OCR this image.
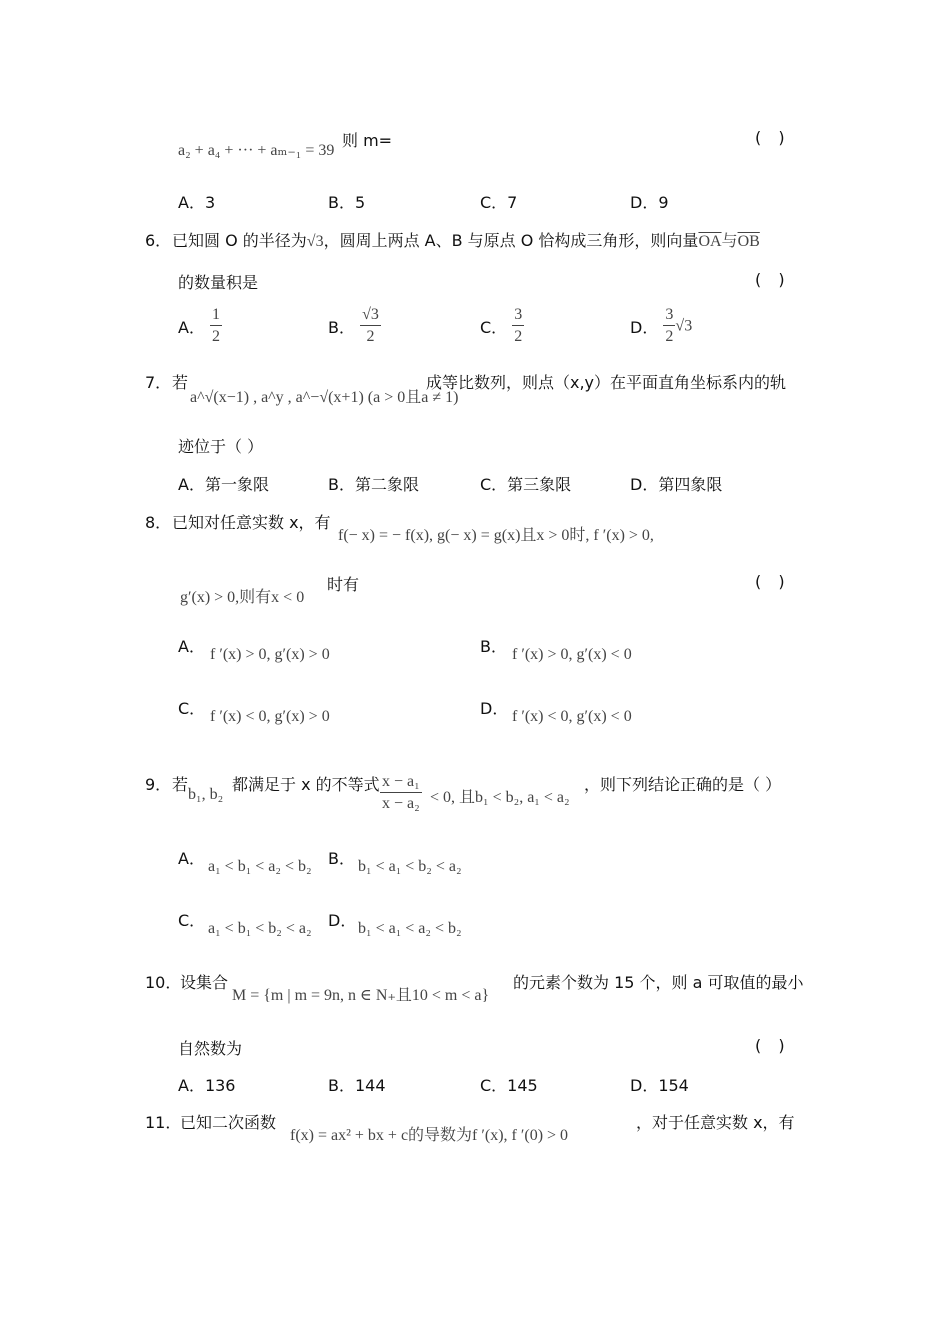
a₂ + a₄ + ··· + aₘ₋₁ = 39
则 m=	( )
A．3	B．5	C．7	D．9
6． 已知圆 O 的半径为√3，圆周上两点 A、B 与原点 O 恰构成三角形，则向量$\overline{OA}$与$\overline{OB}$
的数量积是	( )
A． $\frac{1}{2}$	B． $\frac{√3}{2}$	C． $\frac{3}{2}$	D． $\frac{3}{2} √3$
7． 若
a^√(x−1) , a^y , a^−√(x+1) (a > 0且a ≠ 1)
成等比数列，则点（x,y）在平面直角坐标系内的轨
迹位于（ ）
A．第一象限	B．第二象限	C．第三象限	D．第四象限
8． 已知对任意实数 x，有
f(− x) = − f(x), g(− x) = g(x)且x > 0时, f ′(x) > 0,
g′(x) > 0,则有x < 0
时有	( )
A． f ′(x) > 0, g′(x) > 0	B． f ′(x) > 0, g′(x) < 0
C． f ′(x) < 0, g′(x) > 0	D． f ′(x) < 0, g′(x) < 0
9． 若
b₁, b₂
都满足于 x 的不等式 $\frac{\text{x − a₁}}{\text{x − a₂}} < 0$, 且b₁ < b₂, a₁ < a₂
，则下列结论正确的是（ ）
A． a₁ < b₁ < a₂ < b₂ B． b₁ < a₁ < b₂ < a₂
C． a₁ < b₁ < b₂ < a₂ D． b₁ < a₁ < a₂ < b₂
10．
设集合
M = {m | m = 9n, n ∈ N₊且10 < m < a}
的元素个数为 15 个，则 a 可取值的最小
自然数为	( )
A．136	B．144	C．145	D．154
11．
已知二次函数
f(x) = ax² + bx + c的导数为f ′(x), f ′(0) > 0
，对于任意实数 x，有
